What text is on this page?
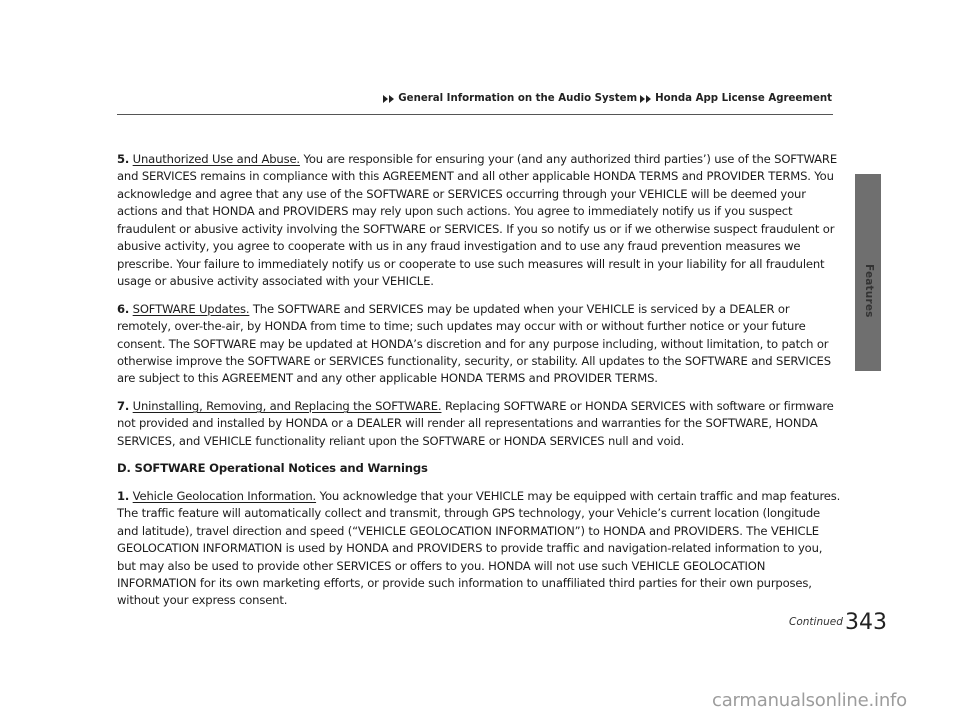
General Information on the Audio System Honda App License Agreement
Features

5. Unauthorized Use and Abuse. You are responsible for ensuring your (and any authorized third parties’) use of the SOFTWARE and SERVICES remains in compliance with this AGREEMENT and all other applicable HONDA TERMS and PROVIDER TERMS. You acknowledge and agree that any use of the SOFTWARE or SERVICES occurring through your VEHICLE will be deemed your actions and that HONDA and PROVIDERS may rely upon such actions. You agree to immediately notify us if you suspect fraudulent or abusive activity involving the SOFTWARE or SERVICES. If you so notify us or if we otherwise suspect fraudulent or abusive activity, you agree to cooperate with us in any fraud investigation and to use any fraud prevention measures we prescribe. Your failure to immediately notify us or cooperate to use such measures will result in your liability for all fraudulent usage or abusive activity associated with your VEHICLE.

6. SOFTWARE Updates. The SOFTWARE and SERVICES may be updated when your VEHICLE is serviced by a DEALER or remotely, over-the-air, by HONDA from time to time; such updates may occur with or without further notice or your future consent. The SOFTWARE may be updated at HONDA’s discretion and for any purpose including, without limitation, to patch or otherwise improve the SOFTWARE or SERVICES functionality, security, or stability. All updates to the SOFTWARE and SERVICES are subject to this AGREEMENT and any other applicable HONDA TERMS and PROVIDER TERMS.

7. Uninstalling, Removing, and Replacing the SOFTWARE. Replacing SOFTWARE or HONDA SERVICES with software or firmware not provided and installed by HONDA or a DEALER will render all representations and warranties for the SOFTWARE, HONDA SERVICES, and VEHICLE functionality reliant upon the SOFTWARE or HONDA SERVICES null and void.

D. SOFTWARE Operational Notices and Warnings

1. Vehicle Geolocation Information. You acknowledge that your VEHICLE may be equipped with certain traffic and map features. The traffic feature will automatically collect and transmit, through GPS technology, your Vehicle’s current location (longitude and latitude), travel direction and speed (“VEHICLE GEOLOCATION INFORMATION”) to HONDA and PROVIDERS. The VEHICLE GEOLOCATION INFORMATION is used by HONDA and PROVIDERS to provide traffic and navigation-related information to you, but may also be used to provide other SERVICES or offers to you. HONDA will not use such VEHICLE GEOLOCATION INFORMATION for its own marketing efforts, or provide such information to unaffiliated third parties for their own purposes, without your express consent.

Continued 343
carmanualsonline.info
